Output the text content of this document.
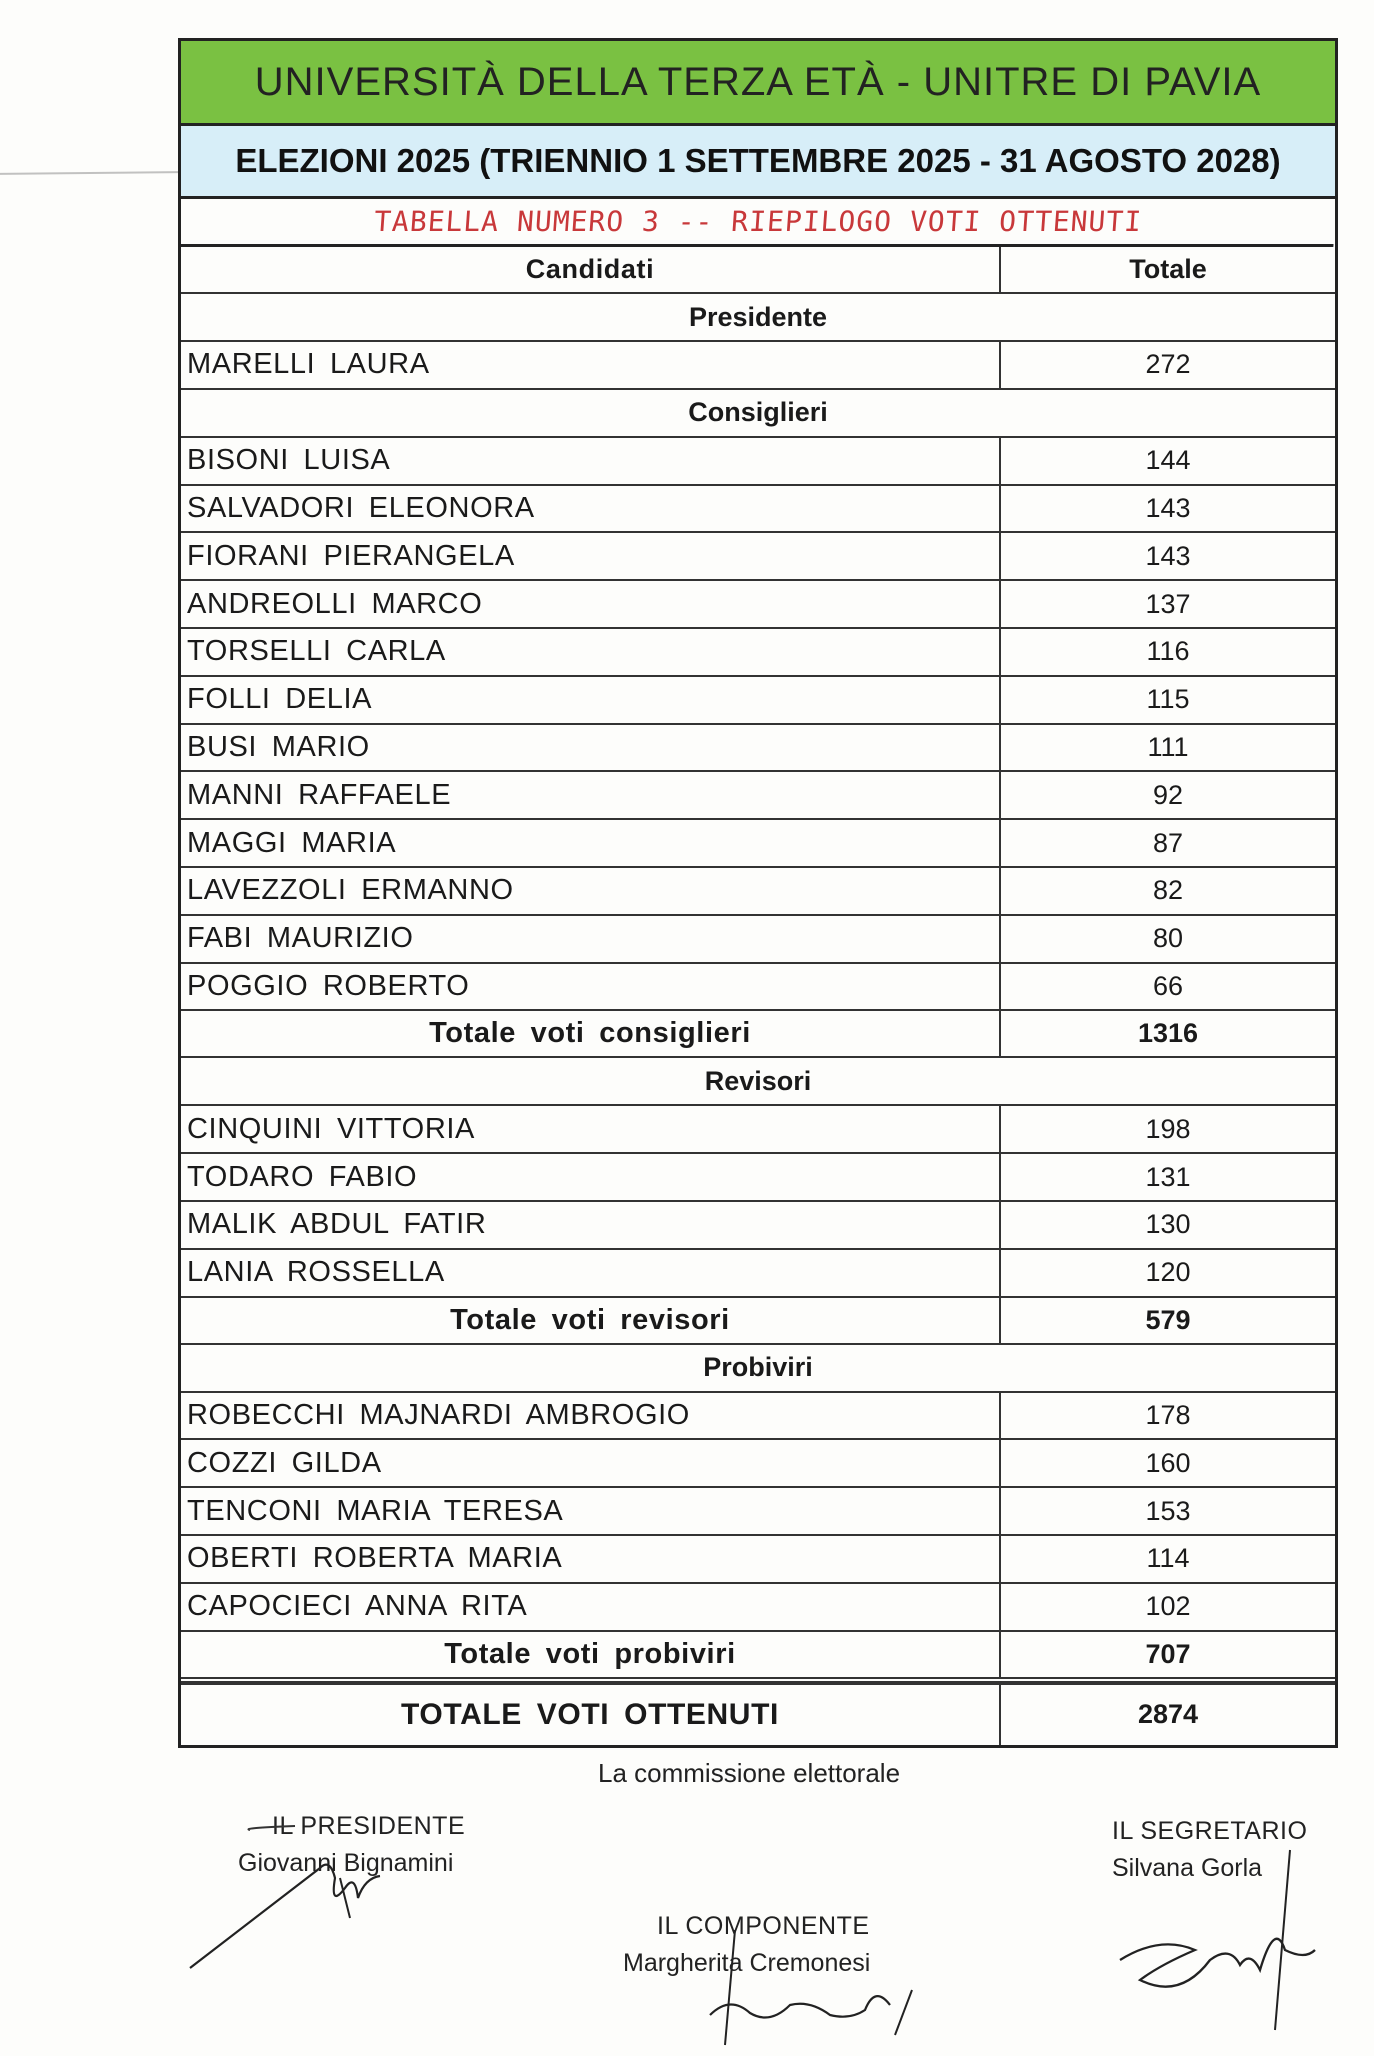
UNIVERSITÀ DELLA TERZA ETÀ - UNITRE DI PAVIA
ELEZIONI 2025 (TRIENNIO 1 SETTEMBRE 2025 - 31 AGOSTO 2028)
TABELLA NUMERO 3 -- RIEPILOGO VOTI OTTENUTI
Candidati	Totale
Presidente
MARELLI LAURA	272
Consiglieri
BISONI LUISA	144
SALVADORI ELEONORA	143
FIORANI PIERANGELA	143
ANDREOLLI MARCO	137
TORSELLI CARLA	116
FOLLI DELIA	115
BUSI MARIO	111
MANNI RAFFAELE	92
MAGGI MARIA	87
LAVEZZOLI ERMANNO	82
FABI MAURIZIO	80
POGGIO ROBERTO	66
Totale voti consiglieri	1316
Revisori
CINQUINI VITTORIA	198
TODARO FABIO	131
MALIK ABDUL FATIR	130
LANIA ROSSELLA	120
Totale voti revisori	579
Probiviri
ROBECCHI MAJNARDI AMBROGIO	178
COZZI GILDA	160
TENCONI MARIA TERESA	153
OBERTI ROBERTA MARIA	114
CAPOCIECI ANNA RITA	102
Totale voti probiviri	707
TOTALE VOTI OTTENUTI	2874
La commissione elettorale
IL PRESIDENTE
Giovanni Bignamini
IL COMPONENTE
Margherita Cremonesi
IL SEGRETARIO
Silvana Gorla
